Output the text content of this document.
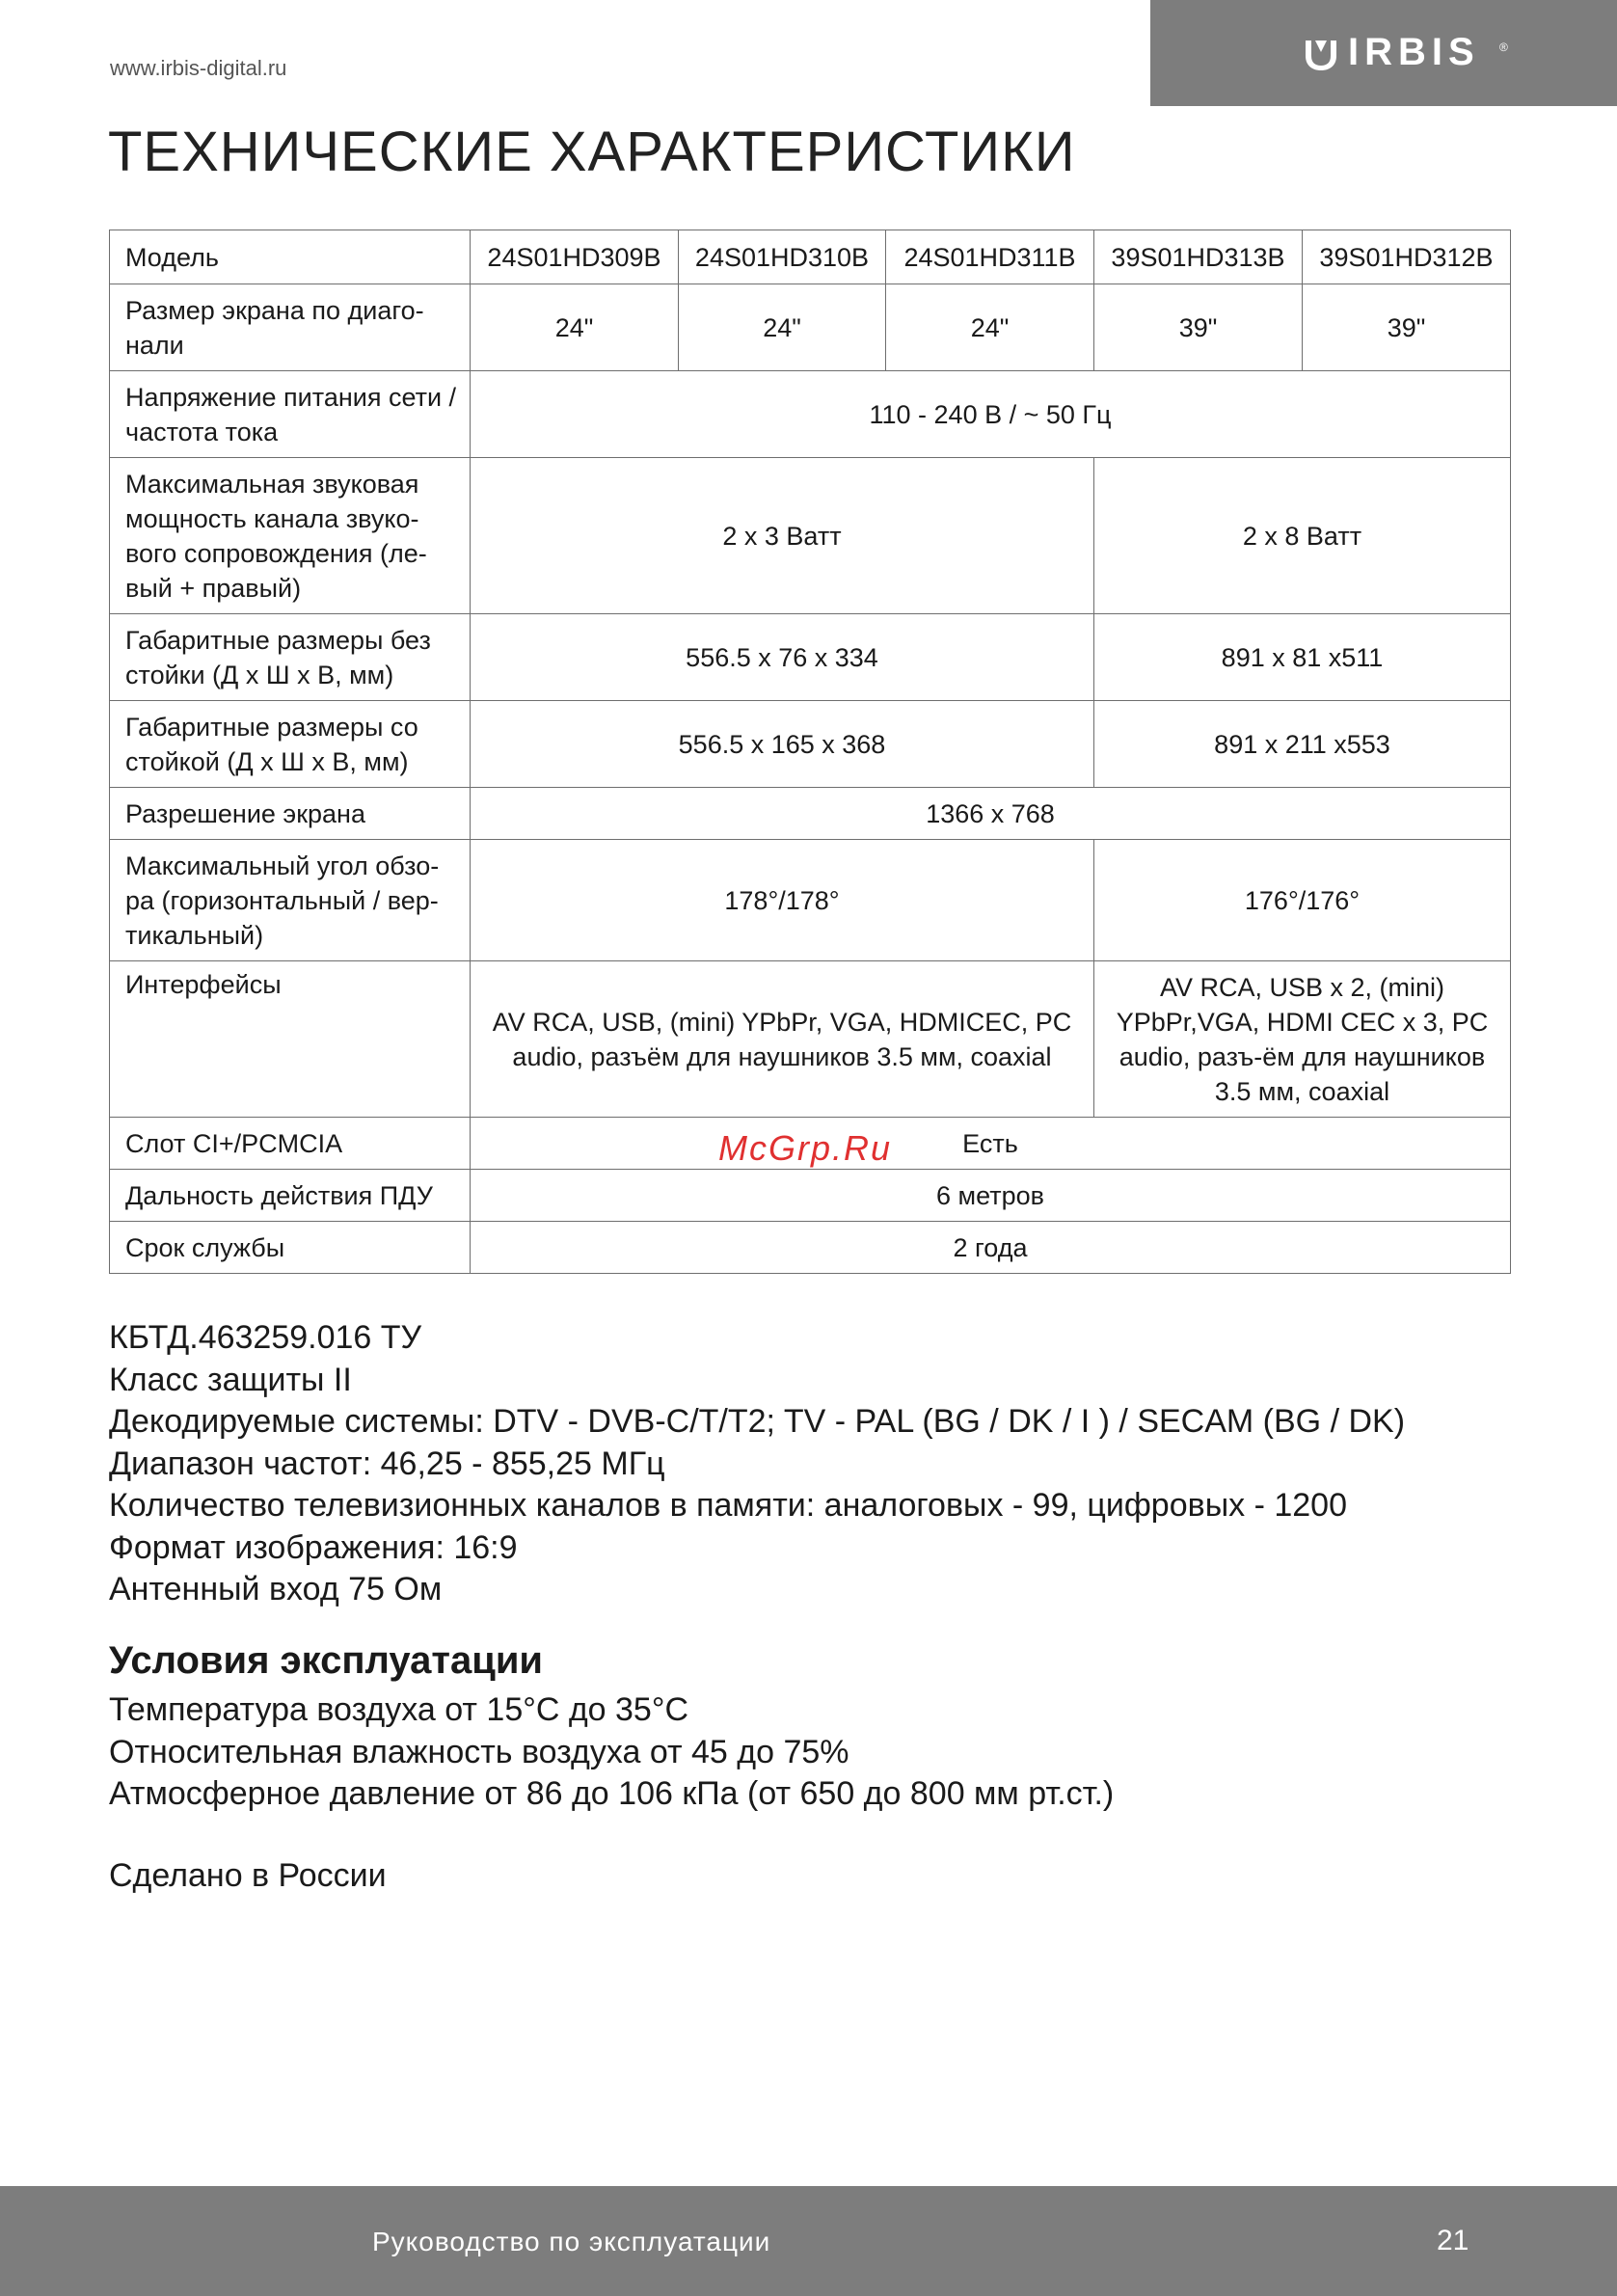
www.irbis-digital.ru	IRBIS ®
ТЕХНИЧЕСКИЕ ХАРАКТЕРИСТИКИ
Модель	24S01HD309B	24S01HD310B	24S01HD311B	39S01HD313B	39S01HD312B
Размер экрана по диаго-нали	24"	24"	24"	39"	39"
Напряжение питания сети / частота тока	110 - 240 В / ~ 50 Гц				
Максимальная звуковая мощность канала звуко-вого сопровождения (ле-вый + правый)	2 х 3 Ватт			2 х 8 Ватт	
Габаритные размеры без стойки (Д х Ш х В, мм)	556.5 х 76 х 334			891 х 81 х511	
Габаритные размеры со стойкой (Д х Ш х В, мм)	556.5 х 165 х 368			891 х 211 х553	
Разрешение экрана	1366 х 768				
Максимальный угол обзо-ра (горизонтальный / вер-тикальный)	178°/178°			176°/176°	
Интерфейсы	AV RCA, USB, (mini) YPbPr, VGA, HDMICEC, PC audio, разъём для наушников 3.5 мм, coaxial			AV RCA, USB x 2, (mini) YPbPr,VGA, HDMI CEC x 3, PC audio, разъ-ём для наушников 3.5 мм, coaxial	
Слот CI+/PCMCIA	Есть				
Дальность действия ПДУ	6 метров				
Срок службы	2 года				
McGrp.Ru
КБТД.463259.016 ТУ
Класс защиты II
Декодируемые системы: DTV - DVB-C/T/T2; TV - PAL (BG / DK / I ) / SECAM (BG / DK)
Диапазон частот: 46,25 - 855,25 МГц
Количество телевизионных каналов в памяти: аналоговых - 99, цифровых - 1200
Формат изображения: 16:9
Антенный вход 75 Ом
Условия эксплуатации
Температура воздуха от 15°С до 35°С
Относительная влажность воздуха от 45 до 75%
Атмосферное давление от 86 до 106 кПа (от 650 до 800 мм рт.ст.)
Сделано в России
Руководство по эксплуатации	21
